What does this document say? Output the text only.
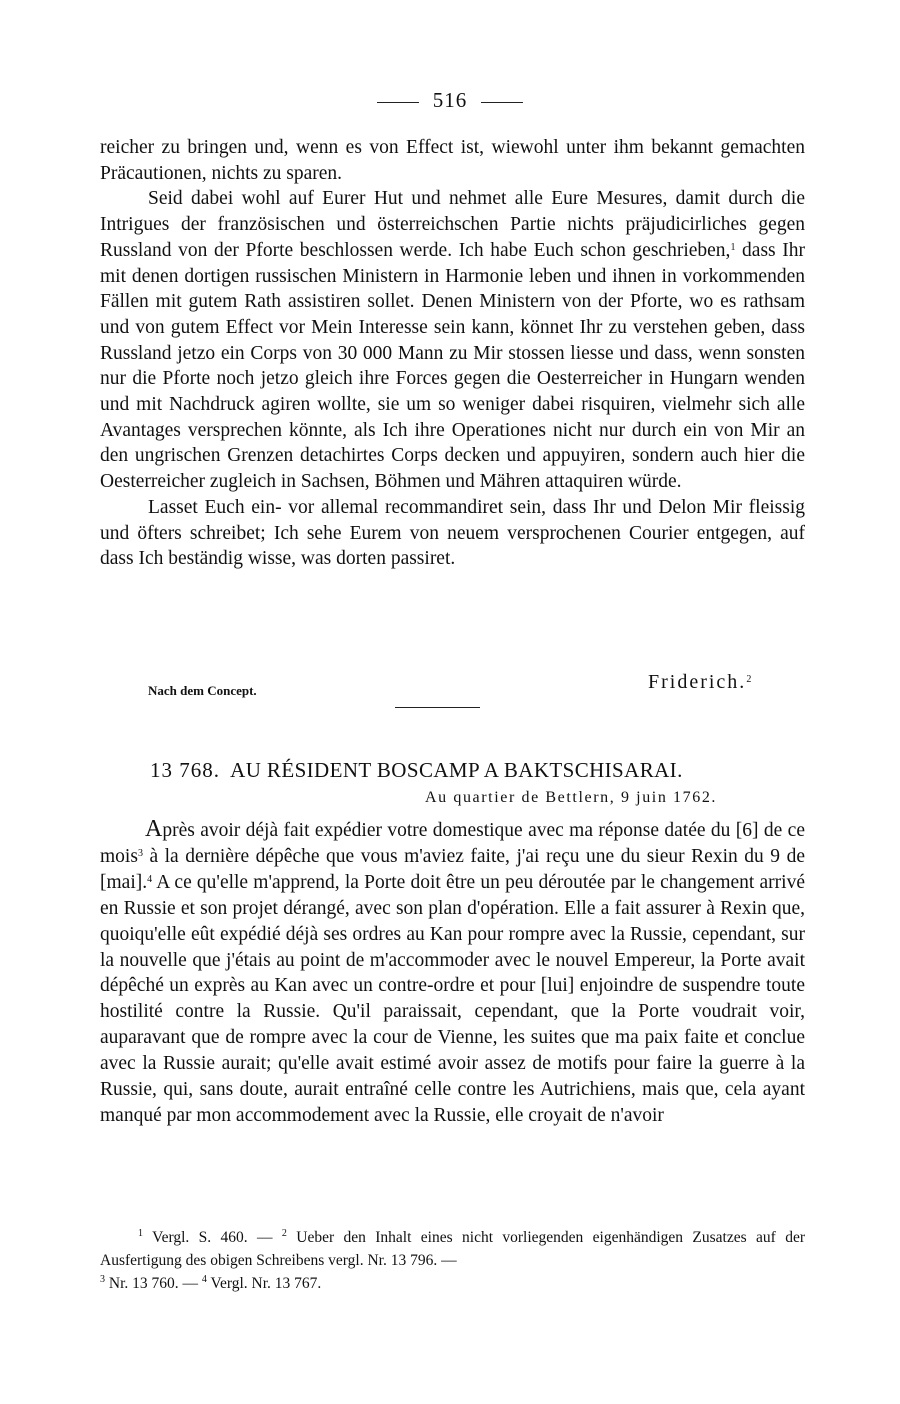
516

reicher zu bringen und, wenn es von Effect ist, wiewohl unter ihm bekannt gemachten Präcautionen, nichts zu sparen.

Seid dabei wohl auf Eurer Hut und nehmet alle Eure Mesures, damit durch die Intrigues der französischen und österreichschen Partie nichts präjudicirliches gegen Russland von der Pforte beschlossen werde. Ich habe Euch schon geschrieben,$^1$ dass Ihr mit denen dortigen russischen Ministern in Harmonie leben und ihnen in vorkommenden Fällen mit gutem Rath assistiren sollet. Denen Ministern von der Pforte, wo es rathsam und von gutem Effect vor Mein Interesse sein kann, könnet Ihr zu verstehen geben, dass Russland jetzo ein Corps von 30 000 Mann zu Mir stossen liesse und dass, wenn sonsten nur die Pforte noch jetzo gleich ihre Forces gegen die Oesterreicher in Hungarn wenden und mit Nachdruck agiren wollte, sie um so weniger dabei risquiren, vielmehr sich alle Avantages versprechen könnte, als Ich ihre Operationes nicht nur durch ein von Mir an den ungrischen Grenzen detachirtes Corps decken und appuyiren, sondern auch hier die Oesterreicher zugleich in Sachsen, Böhmen und Mähren attaquiren würde.

Lasset Euch ein- vor allemal recommandiret sein, dass Ihr und Delon Mir fleissig und öfters schreibet; Ich sehe Eurem von neuem versprochenen Courier entgegen, auf dass Ich beständig wisse, was dorten passiret.

Nach dem Concept.	Friderich.$^2$
13 768. AU RÉSIDENT BOSCAMP A BAKTSCHISARAI.
Au quartier de Bettlern, 9 juin 1762.

Après avoir déjà fait expédier votre domestique avec ma réponse datée du [6] de ce mois$^3$ à la dernière dépêche que vous m'aviez faite, j'ai reçu une du sieur Rexin du 9 de [mai].$^4$ A ce qu'elle m'apprend, la Porte doit être un peu déroutée par le changement arrivé en Russie et son projet dérangé, avec son plan d'opération. Elle a fait assurer à Rexin que, quoiqu'elle eût expédié déjà ses ordres au Kan pour rompre avec la Russie, cependant, sur la nouvelle que j'étais au point de m'accommoder avec le nouvel Empereur, la Porte avait dépêché un exprès au Kan avec un contre-ordre et pour [lui] enjoindre de suspendre toute hostilité contre la Russie. Qu'il paraissait, cependant, que la Porte voudrait voir, auparavant que de rompre avec la cour de Vienne, les suites que ma paix faite et conclue avec la Russie aurait; qu'elle avait estimé avoir assez de motifs pour faire la guerre à la Russie, qui, sans doute, aurait entraîné celle contre les Autrichiens, mais que, cela ayant manqué par mon accommodement avec la Russie, elle croyait de n'avoir

$^1$ Vergl. S. 460. — $^2$ Ueber den Inhalt eines nicht vorliegenden eigenhändigen Zusatzes auf der Ausfertigung des obigen Schreibens vergl. Nr. 13 796. —
$^3$ Nr. 13 760. — $^4$ Vergl. Nr. 13 767.
